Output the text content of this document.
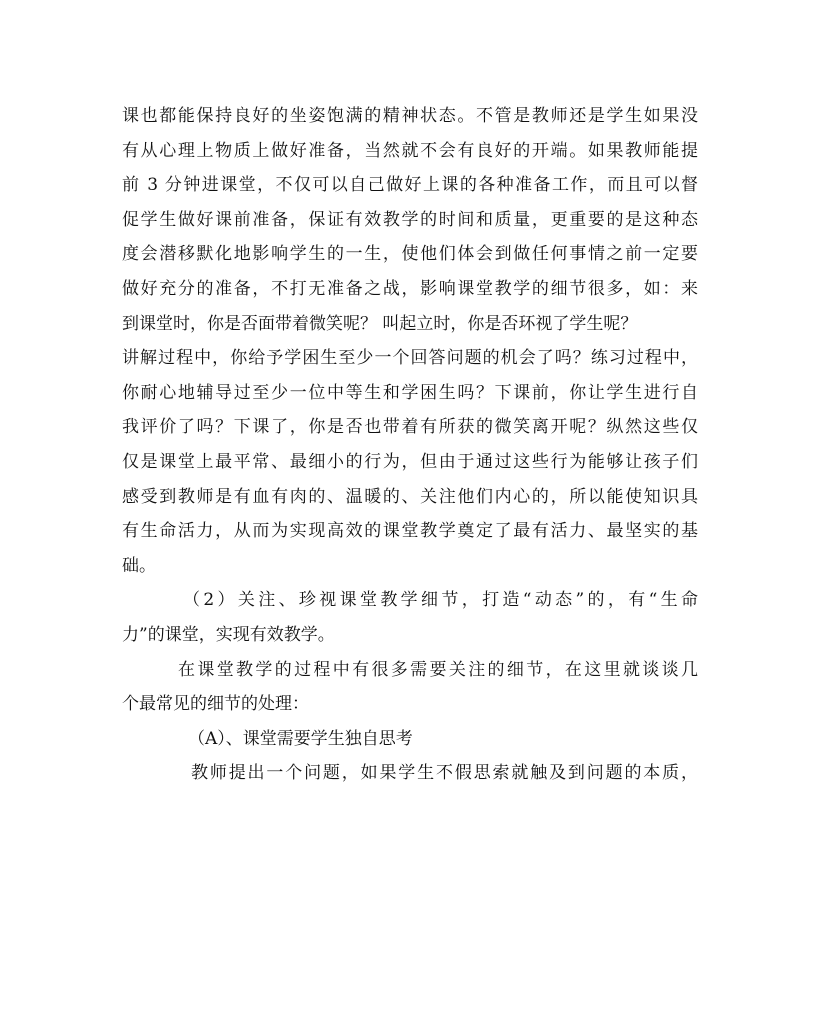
课也都能保持良好的坐姿饱满的精神状态。不管是教师还是学生如果没
有从心理上物质上做好准备，当然就不会有良好的开端。如果教师能提
前 3 分钟进课堂，不仅可以自己做好上课的各种准备工作，而且可以督
促学生做好课前准备，保证有效教学的时间和质量，更重要的是这种态
度会潜移默化地影响学生的一生，使他们体会到做任何事情之前一定要
做好充分的准备，不打无准备之战，影响课堂教学的细节很多，如：来
到课堂时，你是否面带着微笑呢？ 叫起立时，你是否环视了学生呢？
讲解过程中，你给予学困生至少一个回答问题的机会了吗？练习过程中，
你耐心地辅导过至少一位中等生和学困生吗？下课前，你让学生进行自
我评价了吗？下课了，你是否也带着有所获的微笑离开呢？纵然这些仅
仅是课堂上最平常、最细小的行为，但由于通过这些行为能够让孩子们
感受到教师是有血有肉的、温暖的、关注他们内心的，所以能使知识具
有生命活力，从而为实现高效的课堂教学奠定了最有活力、最坚实的基
础。
（2）关注、珍视课堂教学细节，打造“动态”的，有“生命
力”的课堂，实现有效教学。
在课堂教学的过程中有很多需要关注的细节，在这里就谈谈几
个最常见的细节的处理：
（A）、课堂需要学生独自思考
教师提出一个问题，如果学生不假思索就触及到问题的本质，
